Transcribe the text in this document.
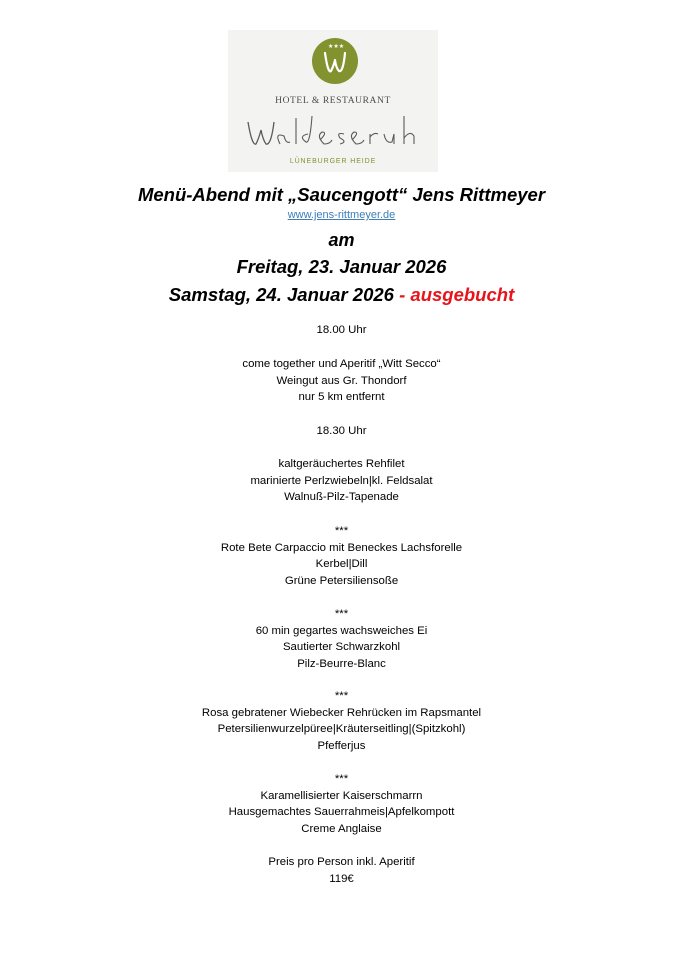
★★★
HOTEL & RESTAURANT
LÜNEBURGER HEIDE
Menü-Abend mit „Saucengott“ Jens Rittmeyer
www.jens-rittmeyer.de
am
Freitag, 23. Januar 2026
Samstag, 24. Januar 2026 - ausgebucht
18.00 Uhr
come together und Aperitif „Witt Secco“
Weingut aus Gr. Thondorf
nur 5 km entfernt
18.30 Uhr
kaltgeräuchertes Rehfilet
marinierte Perlzwiebeln|kl. Feldsalat
Walnuß-Pilz-Tapenade
***
Rote Bete Carpaccio mit Beneckes Lachsforelle
Kerbel|Dill
Grüne Petersiliensoße
***
60 min gegartes wachsweiches Ei
Sautierter Schwarzkohl
Pilz-Beurre-Blanc
***
Rosa gebratener Wiebecker Rehrücken im Rapsmantel
Petersilienwurzelpüree|Kräuterseitling|(Spitzkohl)
Pfefferjus
***
Karamellisierter Kaiserschmarrn
Hausgemachtes Sauerrahmeis|Apfelkompott
Creme Anglaise
Preis pro Person inkl. Aperitif
119€
